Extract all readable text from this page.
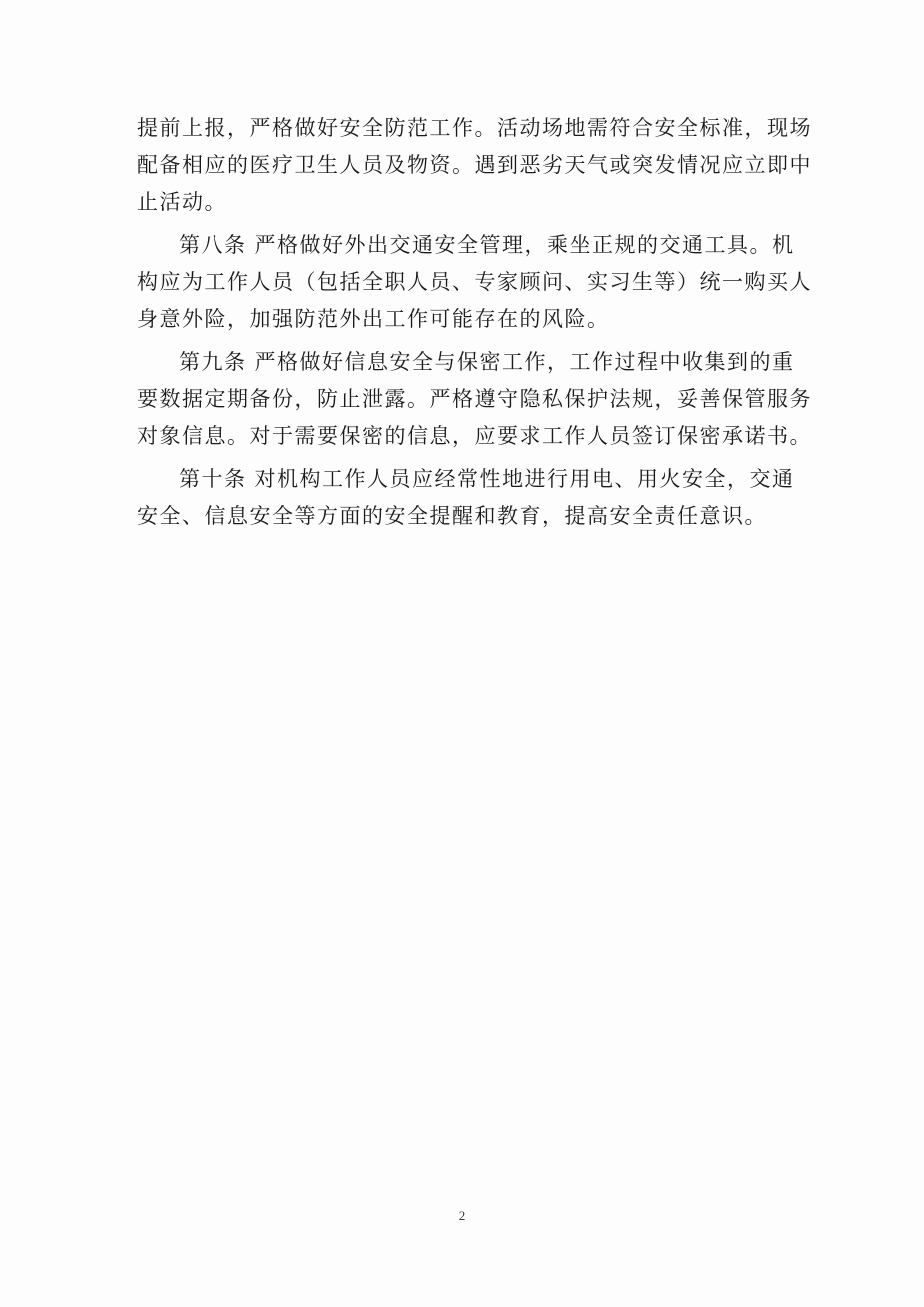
提前上报，严格做好安全防范工作。活动场地需符合安全标准，现场
配备相应的医疗卫生人员及物资。遇到恶劣天气或突发情况应立即中
止活动。

第八条 严格做好外出交通安全管理，乘坐正规的交通工具。机
构应为工作人员（包括全职人员、专家顾问、实习生等）统一购买人
身意外险，加强防范外出工作可能存在的风险。

第九条 严格做好信息安全与保密工作，工作过程中收集到的重
要数据定期备份，防止泄露。严格遵守隐私保护法规，妥善保管服务
对象信息。对于需要保密的信息，应要求工作人员签订保密承诺书。

第十条 对机构工作人员应经常性地进行用电、用火安全，交通
安全、信息安全等方面的安全提醒和教育，提高安全责任意识。

2
